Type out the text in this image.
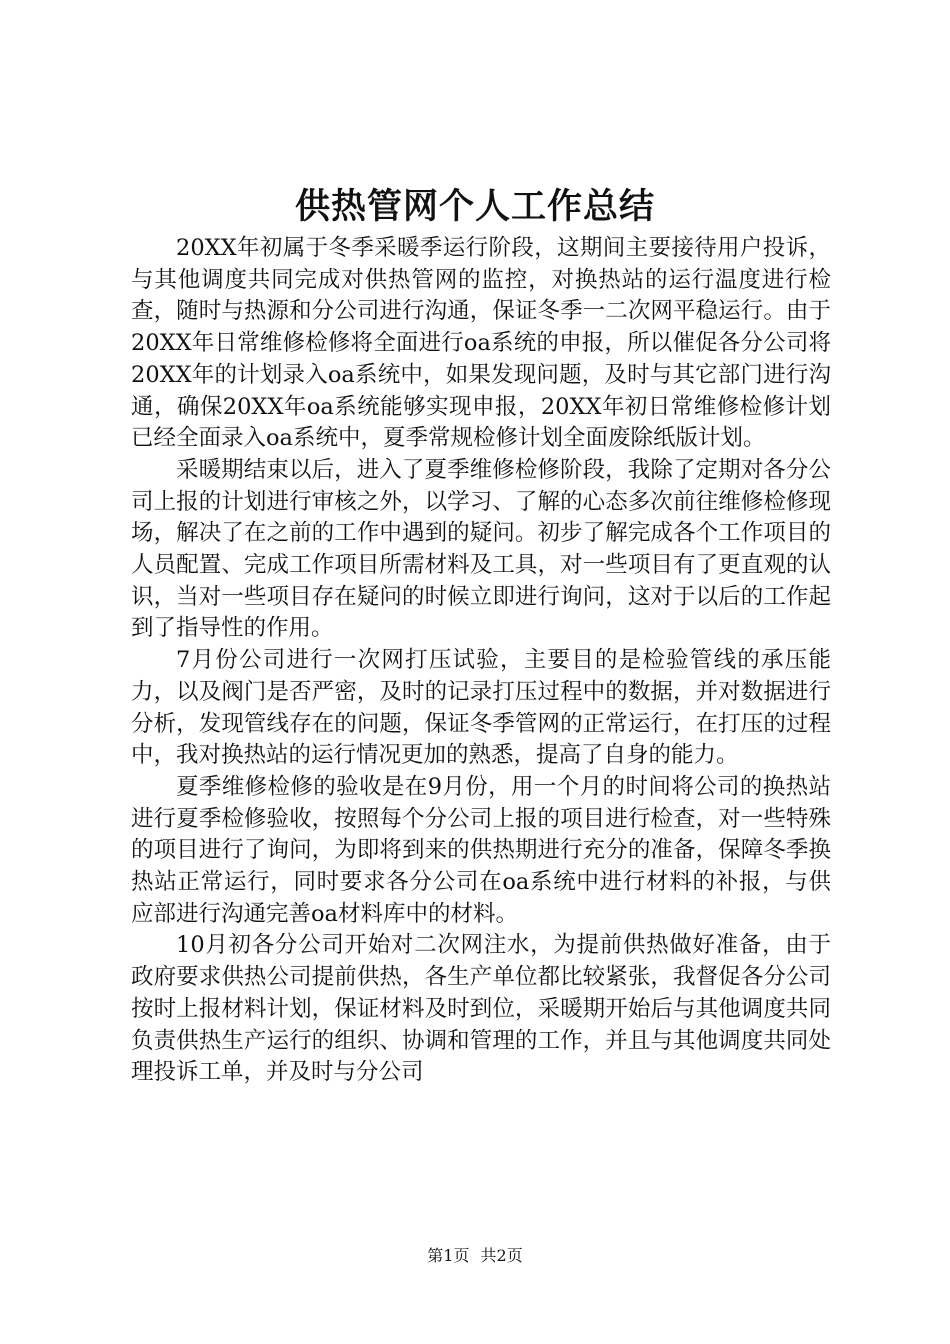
供热管网个人工作总结

20XX年初属于冬季采暖季运行阶段，这期间主要接待用户投诉，与其他调度共同完成对供热管网的监控，对换热站的运行温度进行检查，随时与热源和分公司进行沟通，保证冬季一二次网平稳运行。由于20XX年日常维修检修将全面进行oa系统的申报，所以催促各分公司将20XX年的计划录入oa系统中，如果发现问题，及时与其它部门进行沟通，确保20XX年oa系统能够实现申报，20XX年初日常维修检修计划已经全面录入oa系统中，夏季常规检修计划全面废除纸版计划。

采暖期结束以后，进入了夏季维修检修阶段，我除了定期对各分公司上报的计划进行审核之外，以学习、了解的心态多次前往维修检修现场，解决了在之前的工作中遇到的疑问。初步了解完成各个工作项目的人员配置、完成工作项目所需材料及工具，对一些项目有了更直观的认识，当对一些项目存在疑问的时候立即进行询问，这对于以后的工作起到了指导性的作用。

7月份公司进行一次网打压试验，主要目的是检验管线的承压能力，以及阀门是否严密，及时的记录打压过程中的数据，并对数据进行分析，发现管线存在的问题，保证冬季管网的正常运行，在打压的过程中，我对换热站的运行情况更加的熟悉，提高了自身的能力。

夏季维修检修的验收是在9月份，用一个月的时间将公司的换热站进行夏季检修验收，按照每个分公司上报的项目进行检查，对一些特殊的项目进行了询问，为即将到来的供热期进行充分的准备，保障冬季换热站正常运行，同时要求各分公司在oa系统中进行材料的补报，与供应部进行沟通完善oa材料库中的材料。

10月初各分公司开始对二次网注水，为提前供热做好准备，由于政府要求供热公司提前供热，各生产单位都比较紧张，我督促各分公司按时上报材料计划，保证材料及时到位，采暖期开始后与其他调度共同负责供热生产运行的组织、协调和管理的工作，并且与其他调度共同处理投诉工单，并及时与分公司

第1页 共2页
